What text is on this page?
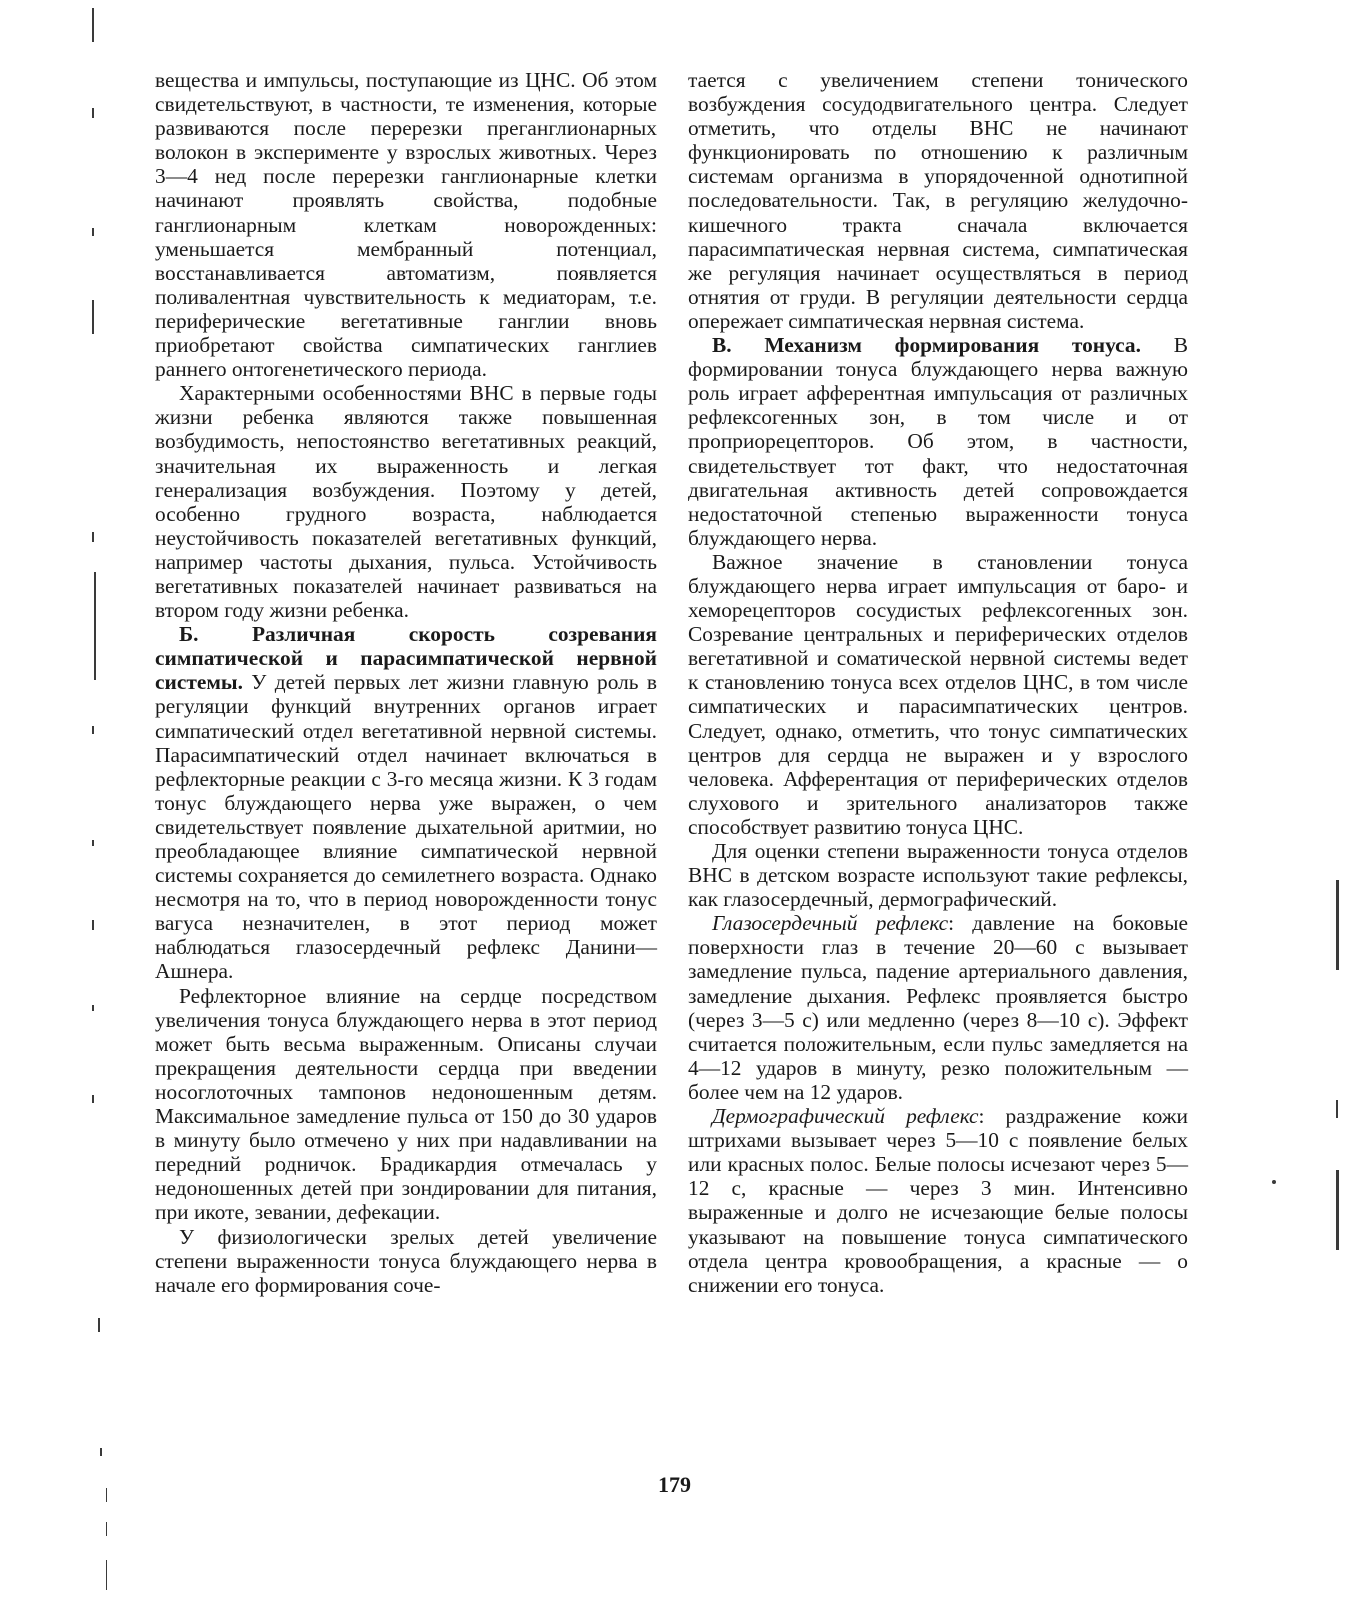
вещества и импульсы, поступающие из ЦНС. Об этом свидетельствуют, в частности, те изменения, которые развиваются после перерезки преганглионарных волокон в эксперименте у взрослых животных. Через 3—4 нед после перерезки ганглионарные клетки начинают проявлять свойства, подобные ганглионарным клеткам новорожденных: уменьшается мембранный потенциал, восстанавливается автоматизм, появляется поливалентная чувствительность к медиаторам, т.е. периферические вегетативные ганглии вновь приобретают свойства симпатических ганглиев раннего онтогенетического периода.

Характерными особенностями ВНС в первые годы жизни ребенка являются также повышенная возбудимость, непостоянство вегетативных реакций, значительная их выраженность и легкая генерализация возбуждения. Поэтому у детей, особенно грудного возраста, наблюдается неустойчивость показателей вегетативных функций, например частоты дыхания, пульса. Устойчивость вегетативных показателей начинает развиваться на втором году жизни ребенка.

Б. Различная скорость созревания симпатической и парасимпатической нервной системы. У детей первых лет жизни главную роль в регуляции функций внутренних органов играет симпатический отдел вегетативной нервной системы. Парасимпатический отдел начинает включаться в рефлекторные реакции с 3-го месяца жизни. К 3 годам тонус блуждающего нерва уже выражен, о чем свидетельствует появление дыхательной аритмии, но преобладающее влияние симпатической нервной системы сохраняется до семилетнего возраста. Однако несмотря на то, что в период новорожденности тонус вагуса незначителен, в этот период может наблюдаться глазосердечный рефлекс Данини—Ашнера.

Рефлекторное влияние на сердце посредством увеличения тонуса блуждающего нерва в этот период может быть весьма выраженным. Описаны случаи прекращения деятельности сердца при введении носоглоточных тампонов недоношенным детям. Максимальное замедление пульса от 150 до 30 ударов в минуту было отмечено у них при надавливании на передний родничок. Брадикардия отмечалась у недоношенных детей при зондировании для питания, при икоте, зевании, дефекации.

У физиологически зрелых детей увеличение степени выраженности тонуса блуждающего нерва в начале его формирования соче-

тается с увеличением степени тонического возбуждения сосудодвигательного центра. Следует отметить, что отделы ВНС не начинают функционировать по отношению к различным системам организма в упорядоченной однотипной последовательности. Так, в регуляцию желудочно-кишечного тракта сначала включается парасимпатическая нервная система, симпатическая же регуляция начинает осуществляться в период отнятия от груди. В регуляции деятельности сердца опережает симпатическая нервная система.

В. Механизм формирования тонуса. В формировании тонуса блуждающего нерва важную роль играет афферентная импульсация от различных рефлексогенных зон, в том числе и от проприорецепторов. Об этом, в частности, свидетельствует тот факт, что недостаточная двигательная активность детей сопровождается недостаточной степенью выраженности тонуса блуждающего нерва.

Важное значение в становлении тонуса блуждающего нерва играет импульсация от баро- и хеморецепторов сосудистых рефлексогенных зон. Созревание центральных и периферических отделов вегетативной и соматической нервной системы ведет к становлению тонуса всех отделов ЦНС, в том числе симпатических и парасимпатических центров. Следует, однако, отметить, что тонус симпатических центров для сердца не выражен и у взрослого человека. Афферентация от периферических отделов слухового и зрительного анализаторов также способствует развитию тонуса ЦНС.

Для оценки степени выраженности тонуса отделов ВНС в детском возрасте используют такие рефлексы, как глазосердечный, дермографический.

Глазосердечный рефлекс: давление на боковые поверхности глаз в течение 20—60 с вызывает замедление пульса, падение артериального давления, замедление дыхания. Рефлекс проявляется быстро (через 3—5 с) или медленно (через 8—10 с). Эффект считается положительным, если пульс замедляется на 4—12 ударов в минуту, резко положительным — более чем на 12 ударов.

Дермографический рефлекс: раздражение кожи штрихами вызывает через 5—10 с появление белых или красных полос. Белые полосы исчезают через 5—12 с, красные — через 3 мин. Интенсивно выраженные и долго не исчезающие белые полосы указывают на повышение тонуса симпатического отдела центра кровообращения, а красные — о снижении его тонуса.

179
